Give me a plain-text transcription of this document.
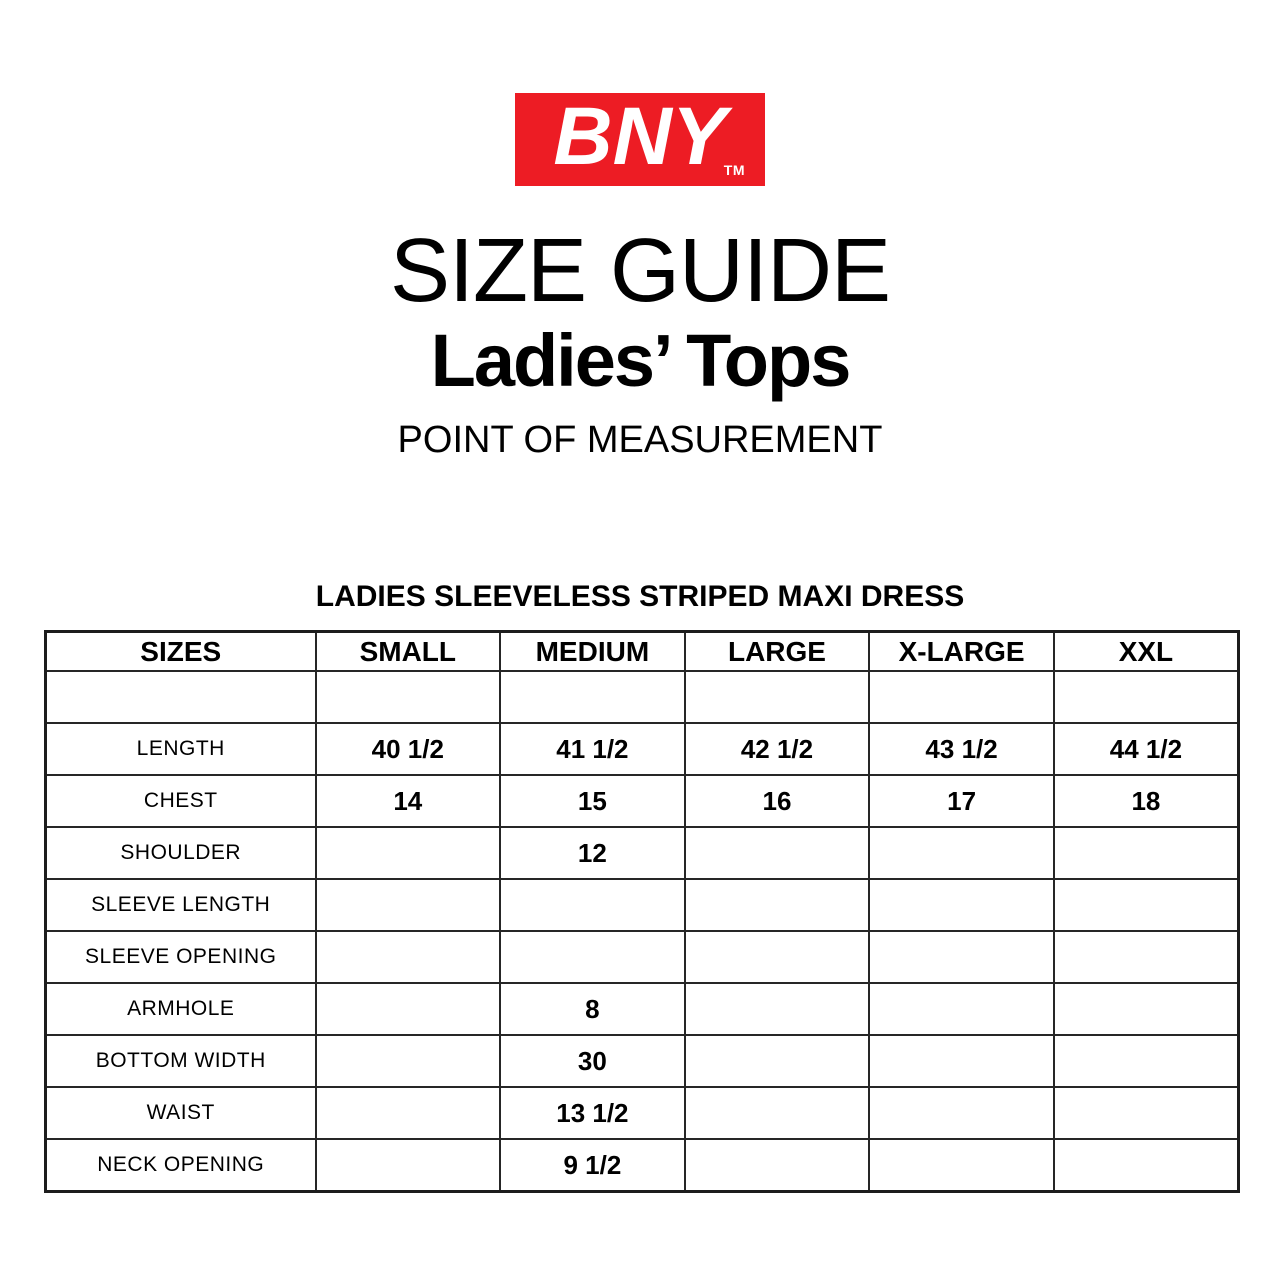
BNY
TM
SIZE GUIDE
Ladies’ Tops
POINT OF MEASUREMENT
LADIES SLEEVELESS STRIPED MAXI DRESS
SIZES	SMALL	MEDIUM	LARGE	X-LARGE	XXL

LENGTH	40 1/2	41 1/2	42 1/2	43 1/2	44 1/2
CHEST	14	15	16	17	18
SHOULDER		12			
SLEEVE LENGTH					
SLEEVE OPENING					
ARMHOLE		8			
BOTTOM WIDTH		30			
WAIST		13 1/2			
NECK OPENING		9 1/2			
